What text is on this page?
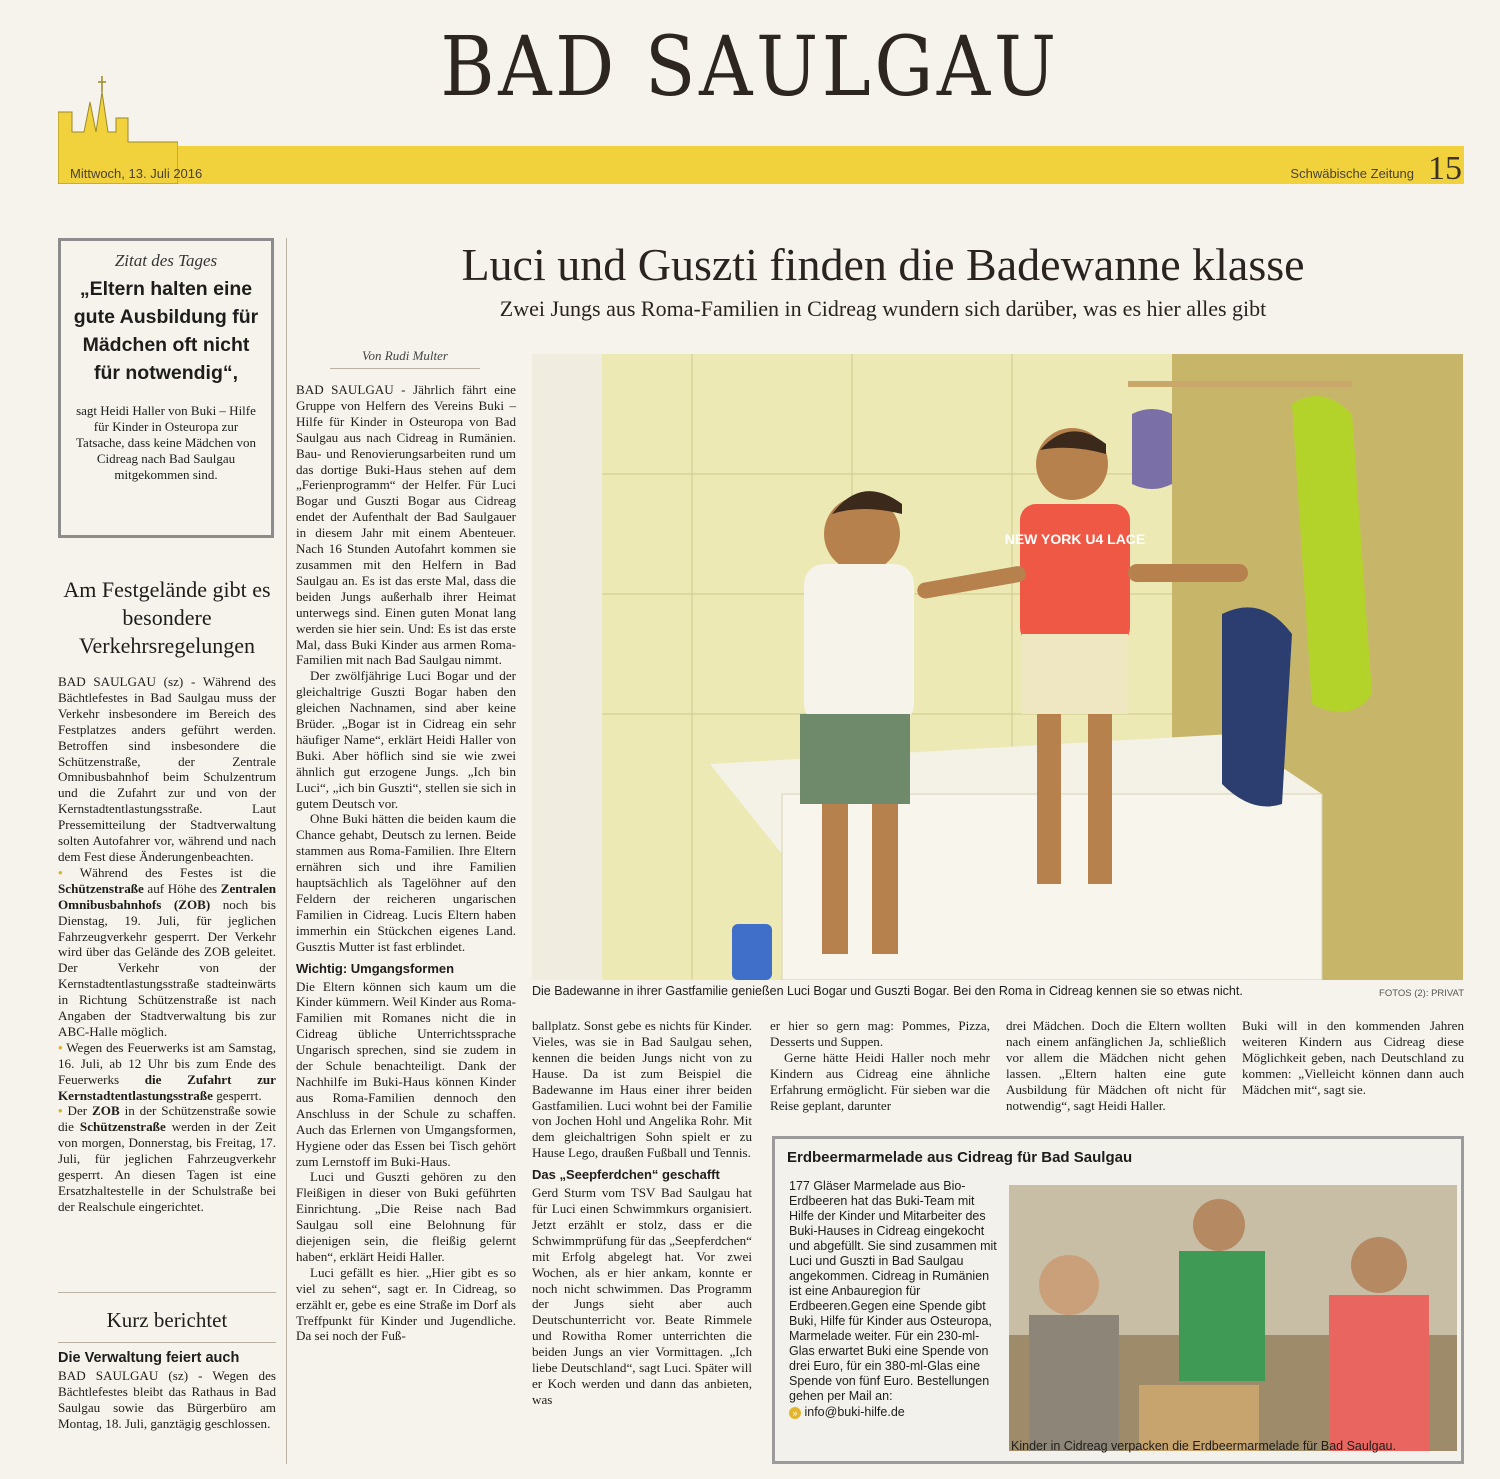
BAD SAULGAU
Mittwoch, 13. Juli 2016	Schwäbische Zeitung 15
Zitat des Tages
„Eltern halten eine gute Ausbildung für Mädchen oft nicht für notwendig“,
sagt Heidi Haller von Buki – Hilfe für Kinder in Osteuropa zur Tatsache, dass keine Mädchen von Cidreag nach Bad Saulgau mitgekommen sind.
Am Festgelände gibt es besondere Verkehrsregelungen

BAD SAULGAU (sz) - Während des Bächtlefestes in Bad Saulgau muss der Verkehr insbesondere im Bereich des Festplatzes anders geführt werden. Betroffen sind insbesondere die Schützenstraße, der Zentrale Omnibusbahnhof beim Schulzentrum und die Zufahrt zur und von der Kernstadtentlastungsstraße. Laut Pressemitteilung der Stadtverwaltung solten Autofahrer vor, während und nach dem Fest diese Änderungenbeachten.

• Während des Festes ist die Schützenstraße auf Höhe des Zentralen Omnibusbahnhofs (ZOB) noch bis Dienstag, 19. Juli, für jeglichen Fahrzeugverkehr gesperrt. Der Verkehr wird über das Gelände des ZOB geleitet. Der Verkehr von der Kernstadtentlastungsstraße stadteinwärts in Richtung Schützenstraße ist nach Angaben der Stadtverwaltung bis zur ABC-Halle möglich.

• Wegen des Feuerwerks ist am Samstag, 16. Juli, ab 12 Uhr bis zum Ende des Feuerwerks die Zufahrt zur Kernstadtentlastungsstraße gesperrt.

• Der ZOB in der Schützenstraße sowie die Schützenstraße werden in der Zeit von morgen, Donnerstag, bis Freitag, 17. Juli, für jeglichen Fahrzeugverkehr gesperrt. An diesen Tagen ist eine Ersatzhaltestelle in der Schulstraße bei der Realschule eingerichtet.

Kurz berichtet
Die Verwaltung feiert auch

BAD SAULGAU (sz) - Wegen des Bächtlefestes bleibt das Rathaus in Bad Saulgau sowie das Bürgerbüro am Montag, 18. Juli, ganztägig geschlossen.

Luci und Guszti finden die Badewanne klasse
Zwei Jungs aus Roma-Familien in Cidreag wundern sich darüber, was es hier alles gibt
Von Rudi Multer

BAD SAULGAU - Jährlich fährt eine Gruppe von Helfern des Vereins Buki – Hilfe für Kinder in Osteuropa von Bad Saulgau aus nach Cidreag in Rumänien. Bau- und Renovierungsarbeiten rund um das dortige Buki-Haus stehen auf dem „Ferienprogramm“ der Helfer. Für Luci Bogar und Guszti Bogar aus Cidreag endet der Aufenthalt der Bad Saulgauer in diesem Jahr mit einem Abenteuer. Nach 16 Stunden Autofahrt kommen sie zusammen mit den Helfern in Bad Saulgau an. Es ist das erste Mal, dass die beiden Jungs außerhalb ihrer Heimat unterwegs sind. Einen guten Monat lang werden sie hier sein. Und: Es ist das erste Mal, dass Buki Kinder aus armen Roma-Familien mit nach Bad Saulgau nimmt.

Der zwölfjährige Luci Bogar und der gleichaltrige Guszti Bogar haben den gleichen Nachnamen, sind aber keine Brüder. „Bogar ist in Cidreag ein sehr häufiger Name“, erklärt Heidi Haller von Buki. Aber höflich sind sie wie zwei ähnlich gut erzogene Jungs. „Ich bin Luci“, „ich bin Guszti“, stellen sie sich in gutem Deutsch vor.

Ohne Buki hätten die beiden kaum die Chance gehabt, Deutsch zu lernen. Beide stammen aus Roma-Familien. Ihre Eltern ernähren sich und ihre Familien hauptsächlich als Tagelöhner auf den Feldern der reicheren ungarischen Familien in Cidreag. Lucis Eltern haben immerhin ein Stückchen eigenes Land. Gusztis Mutter ist fast erblindet.

Wichtig: Umgangsformen

Die Eltern können sich kaum um die Kinder kümmern. Weil Kinder aus Roma-Familien mit Romanes nicht die in Cidreag übliche Unterrichtssprache Ungarisch sprechen, sind sie zudem in der Schule benachteiligt. Dank der Nachhilfe im Buki-Haus können Kinder aus Roma-Familien dennoch den Anschluss in der Schule zu schaffen. Auch das Erlernen von Umgangsformen, Hygiene oder das Essen bei Tisch gehört zum Lernstoff im Buki-Haus.

Luci und Guszti gehören zu den Fleißigen in dieser von Buki geführten Einrichtung. „Die Reise nach Bad Saulgau soll eine Belohnung für diejenigen sein, die fleißig gelernt haben“, erklärt Heidi Haller.

Luci gefällt es hier. „Hier gibt es so viel zu sehen“, sagt er. In Cidreag, so erzählt er, gebe es eine Straße im Dorf als Treffpunkt für Kinder und Jugendliche. Da sei noch der Fuß-

NEW YORK U4 LACE
Die Badewanne in ihrer Gastfamilie genießen Luci Bogar und Guszti Bogar. Bei den Roma in Cidreag kennen sie so etwas nicht.	FOTOS (2): PRIVAT

ballplatz. Sonst gebe es nichts für Kinder. Vieles, was sie in Bad Saulgau sehen, kennen die beiden Jungs nicht von zu Hause. Da ist zum Beispiel die Badewanne im Haus einer ihrer beiden Gastfamilien. Luci wohnt bei der Familie von Jochen Hohl und Angelika Rohr. Mit dem gleichaltrigen Sohn spielt er zu Hause Lego, draußen Fußball und Tennis.

Das „Seepferdchen“ geschafft

Gerd Sturm vom TSV Bad Saulgau hat für Luci einen Schwimmkurs organisiert. Jetzt erzählt er stolz, dass er die Schwimmprüfung für das „Seepferdchen“ mit Erfolg abgelegt hat. Vor zwei Wochen, als er hier ankam, konnte er noch nicht schwimmen. Das Programm der Jungs sieht aber auch Deutschunterricht vor. Beate Rimmele und Rowitha Romer unterrichten die beiden Jungs an vier Vormittagen. „Ich liebe Deutschland“, sagt Luci. Später will er Koch werden und dann das anbieten, was

er hier so gern mag: Pommes, Pizza, Desserts und Suppen.

Gerne hätte Heidi Haller noch mehr Kindern aus Cidreag eine ähnliche Erfahrung ermöglicht. Für sieben war die Reise geplant, darunter

drei Mädchen. Doch die Eltern wollten nach einem anfänglichen Ja, schließlich vor allem die Mädchen nicht gehen lassen. „Eltern halten eine gute Ausbildung für Mädchen oft nicht für notwendig“, sagt Heidi Haller.

Buki will in den kommenden Jahren weiteren Kindern aus Cidreag diese Möglichkeit geben, nach Deutschland zu kommen: „Vielleicht können dann auch Mädchen mit“, sagt sie.

Erdbeermarmelade aus Cidreag für Bad Saulgau
177 Gläser Marmelade aus Bio-Erdbeeren hat das Buki-Team mit Hilfe der Kinder und Mitarbeiter des Buki-Hauses in Cidreag eingekocht und abgefüllt. Sie sind zusammen mit Luci und Guszti in Bad Saulgau angekommen. Cidreag in Rumänien ist eine Anbauregion für Erdbeeren.Gegen eine Spende gibt Buki, Hilfe für Kinder aus Osteuropa, Marmelade weiter. Für ein 230-ml-Glas erwartet Buki eine Spende von drei Euro, für ein 380-ml-Glas eine Spende von fünf Euro. Bestellungen gehen per Mail an:
» info@buki-hilfe.de
Kinder in Cidreag verpacken die Erdbeermarmelade für Bad Saulgau.
